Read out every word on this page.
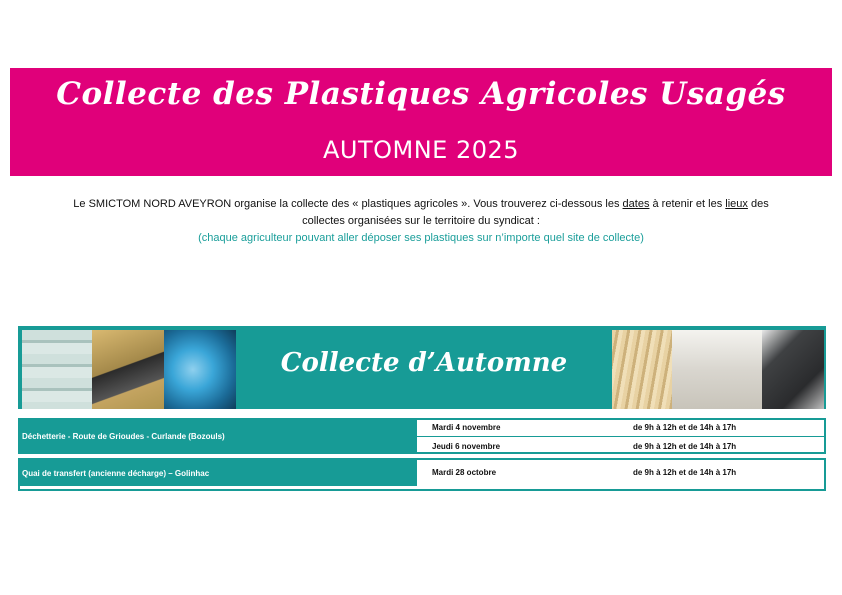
Collecte des Plastiques Agricoles Usagés
AUTOMNE 2025
Le SMICTOM NORD AVEYRON organise la collecte des « plastiques agricoles ». Vous trouverez ci-dessous les dates à retenir et les lieux des
collectes organisées sur le territoire du syndicat :
(chaque agriculteur pouvant aller déposer ses plastiques sur n’importe quel site de collecte)
Collecte d’Automne
Déchetterie - Route de Grioudes - Curlande (Bozouls)
Mardi 4 novembre	de 9h à 12h et de 14h à 17h
Jeudi 6 novembre	de 9h à 12h et de 14h à 17h
Quai de transfert (ancienne décharge) – Golinhac	Mardi 28 octobre	de 9h à 12h et de 14h à 17h
